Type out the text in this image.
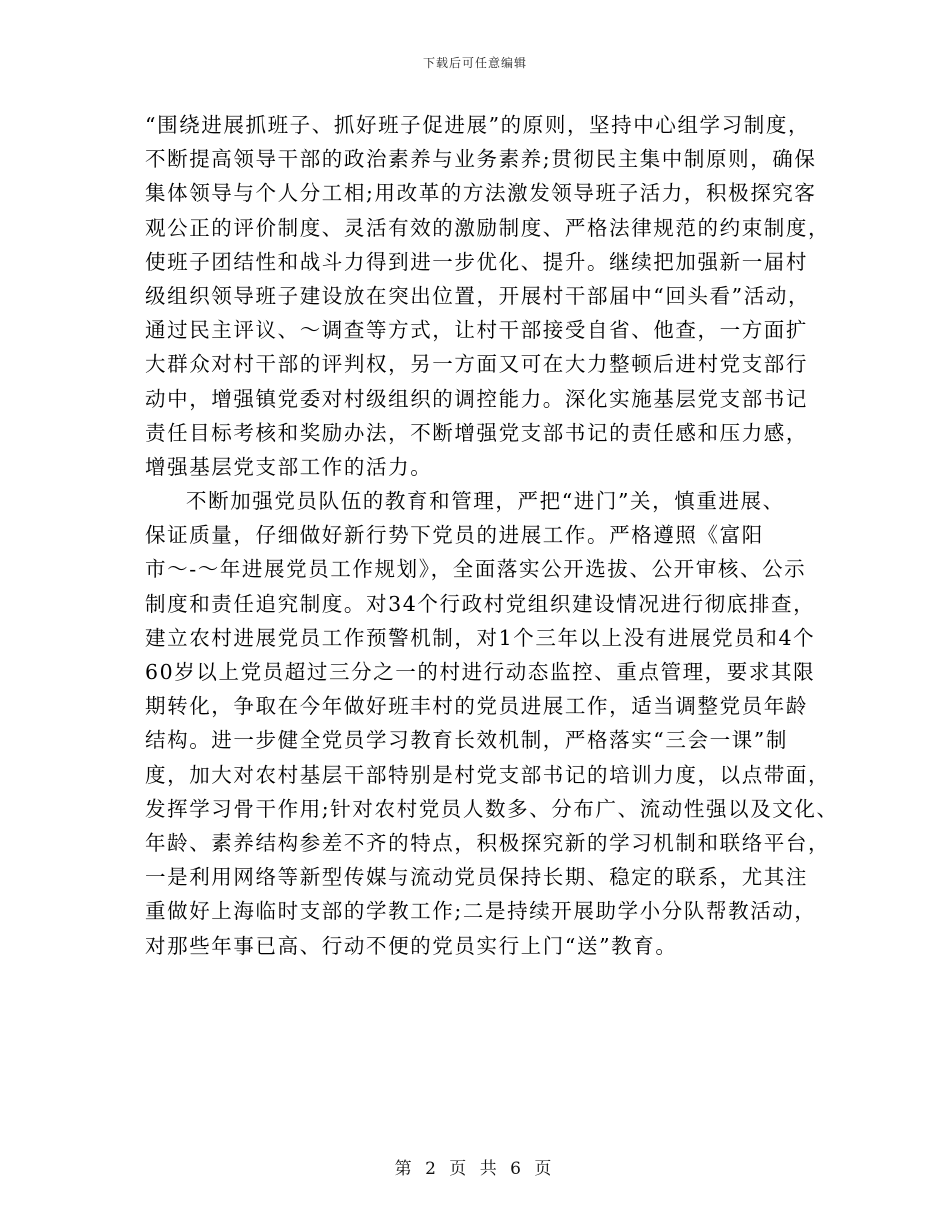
下载后可任意编辑
“围绕进展抓班子、抓好班子促进展”的原则，坚持中心组学习制度，
不断提高领导干部的政治素养与业务素养;贯彻民主集中制原则，确保
集体领导与个人分工相;用改革的方法激发领导班子活力，积极探究客
观公正的评价制度、灵活有效的激励制度、严格法律规范的约束制度，
使班子团结性和战斗力得到进一步优化、提升。继续把加强新一届村
级组织领导班子建设放在突出位置，开展村干部届中“回头看”活动，
通过民主评议、～调查等方式，让村干部接受自省、他查，一方面扩
大群众对村干部的评判权，另一方面又可在大力整顿后进村党支部行
动中，增强镇党委对村级组织的调控能力。深化实施基层党支部书记
责任目标考核和奖励办法，不断增强党支部书记的责任感和压力感，
增强基层党支部工作的活力。
不断加强党员队伍的教育和管理，严把“进门”关，慎重进展、
保证质量，仔细做好新行势下党员的进展工作。严格遵照《富阳
市～-～年进展党员工作规划》，全面落实公开选拔、公开审核、公示
制度和责任追究制度。对34个行政村党组织建设情况进行彻底排查，
建立农村进展党员工作预警机制，对1个三年以上没有进展党员和4个
60岁以上党员超过三分之一的村进行动态监控、重点管理，要求其限
期转化，争取在今年做好班丰村的党员进展工作，适当调整党员年龄
结构。进一步健全党员学习教育长效机制，严格落实“三会一课”制
度，加大对农村基层干部特别是村党支部书记的培训力度，以点带面，
发挥学习骨干作用;针对农村党员人数多、分布广、流动性强以及文化、
年龄、素养结构参差不齐的特点，积极探究新的学习机制和联络平台，
一是利用网络等新型传媒与流动党员保持长期、稳定的联系，尤其注
重做好上海临时支部的学教工作;二是持续开展助学小分队帮教活动，
对那些年事已高、行动不便的党员实行上门“送”教育。
第 2 页 共 6 页
